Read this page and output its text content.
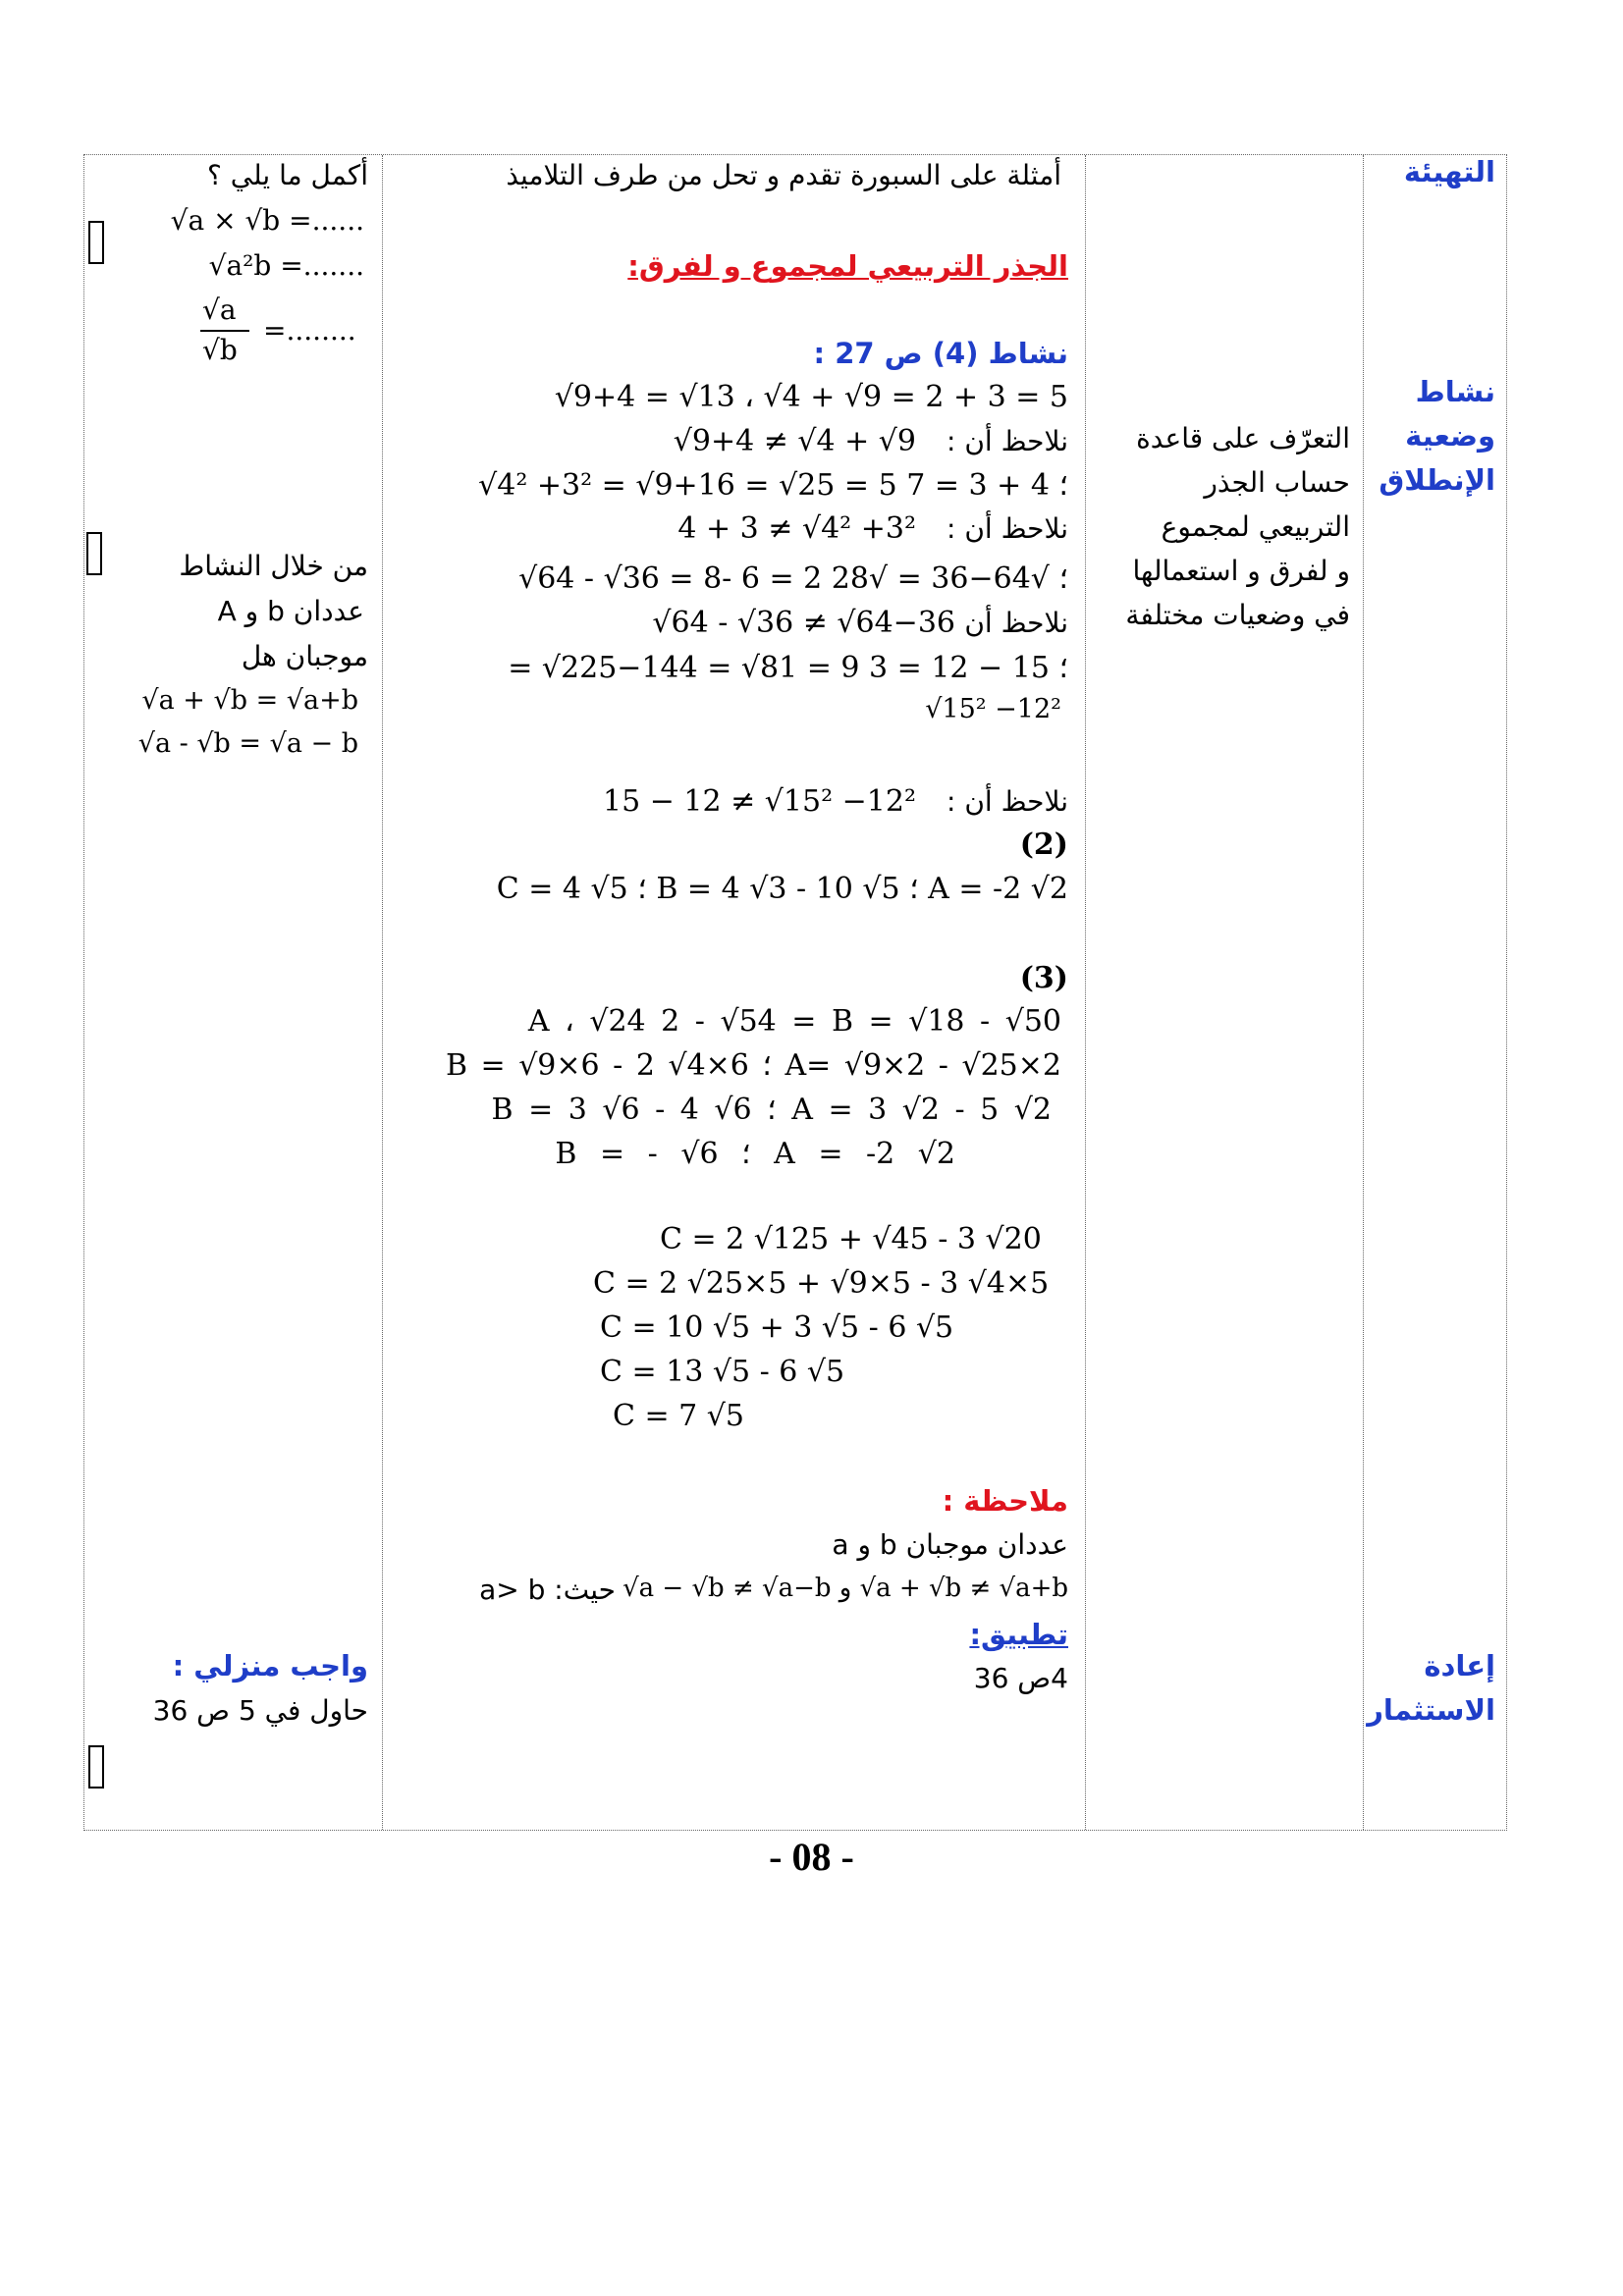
التهيئة
نشاط
وضعية
الإنطلاق
إعادة
الاستثمار
التعرّف على قاعدة
حساب الجذر
التربيعي لمجموع
و لفرق و استعمالها
في وضعيات مختلفة
أمثلة على السبورة تقدم و تحل من طرف التلاميذ
الجذر التربيعي لمجموع و لفرق:
نشاط (4) ص 27 :
√9+4 = √13 ، √4 + √9 = 2 + 3 = 5
نلاحظ أن :
√9+4 ≠ √4 + √9
√4² +3² = √9+16 = √25 = 5 ؛ 4 + 3 = 7
نلاحظ أن :
4 + 3 ≠ √4² +3²
√64 - √36 = 8- 6 = 2 ؛ √64−36 = √28
نلاحظ أن
√64 - √36 ≠ √64−36
= √225−144 = √81 = 9 ؛ 15 − 12 = 3
√15² −12²
نلاحظ أن :
15 − 12 ≠ √15² −12²
(2)
C = 4 √5 ؛ B = 4 √3 - 10 √5 ؛ A = -2 √2
(3)
A ، √24 2 - √54 = B = √18 - √50
B = √9×6 - 2 √4×6 ؛ A= √9×2 - √25×2
B = 3 √6 - 4 √6 ؛ A = 3 √2 - 5 √2
B = - √6 ؛ A = -2 √2
C = 2 √125 + √45 - 3 √20
C = 2 √25×5 + √9×5 - 3 √4×5
C = 10 √5 + 3 √5 - 6 √5
C = 13 √5 - 6 √5
C = 7 √5
ملاحظة :
a و b عددان موجبان
حيث: a> b √a − √b ≠ √a−b و √a + √b ≠ √a+b
تطبيق:
4ص 36
أكمل ما يلي ؟
√a × √b =......
√a²b =.......
√a
√b
=........
من خلال النشاط
A و b عددان
موجبان هل
√a + √b = √a+b
√a - √b = √a − b
واجب منزلي :
حاول في 5 ص 36
- 08 -
